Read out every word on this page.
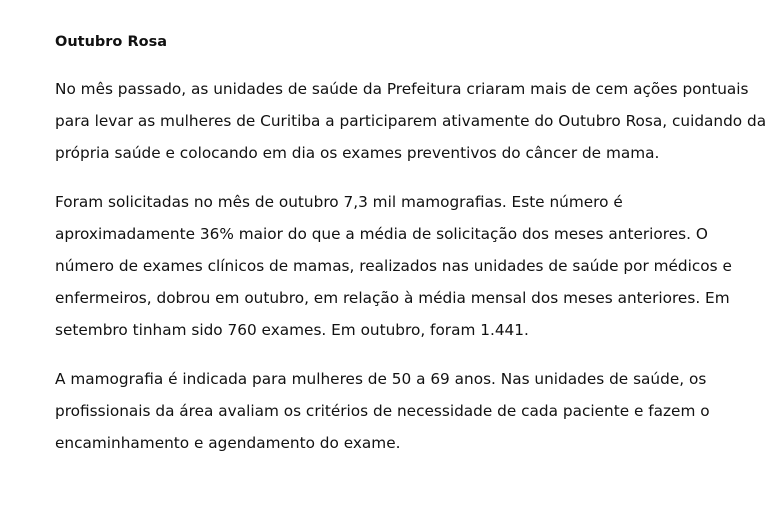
Outubro Rosa

No mês passado, as unidades de saúde da Prefeitura criaram mais de cem ações pontuais para levar as mulheres de Curitiba a participarem ativamente do Outubro Rosa, cuidando da própria saúde e colocando em dia os exames preventivos do câncer de mama.

Foram solicitadas no mês de outubro 7,3 mil mamografias. Este número é aproximadamente 36% maior do que a média de solicitação dos meses anteriores. O número de exames clínicos de mamas, realizados nas unidades de saúde por médicos e enfermeiros, dobrou em outubro, em relação à média mensal dos meses anteriores. Em setembro tinham sido 760 exames. Em outubro, foram 1.441.

A mamografia é indicada para mulheres de 50 a 69 anos. Nas unidades de saúde, os profissionais da área avaliam os critérios de necessidade de cada paciente e fazem o encaminhamento e agendamento do exame.
